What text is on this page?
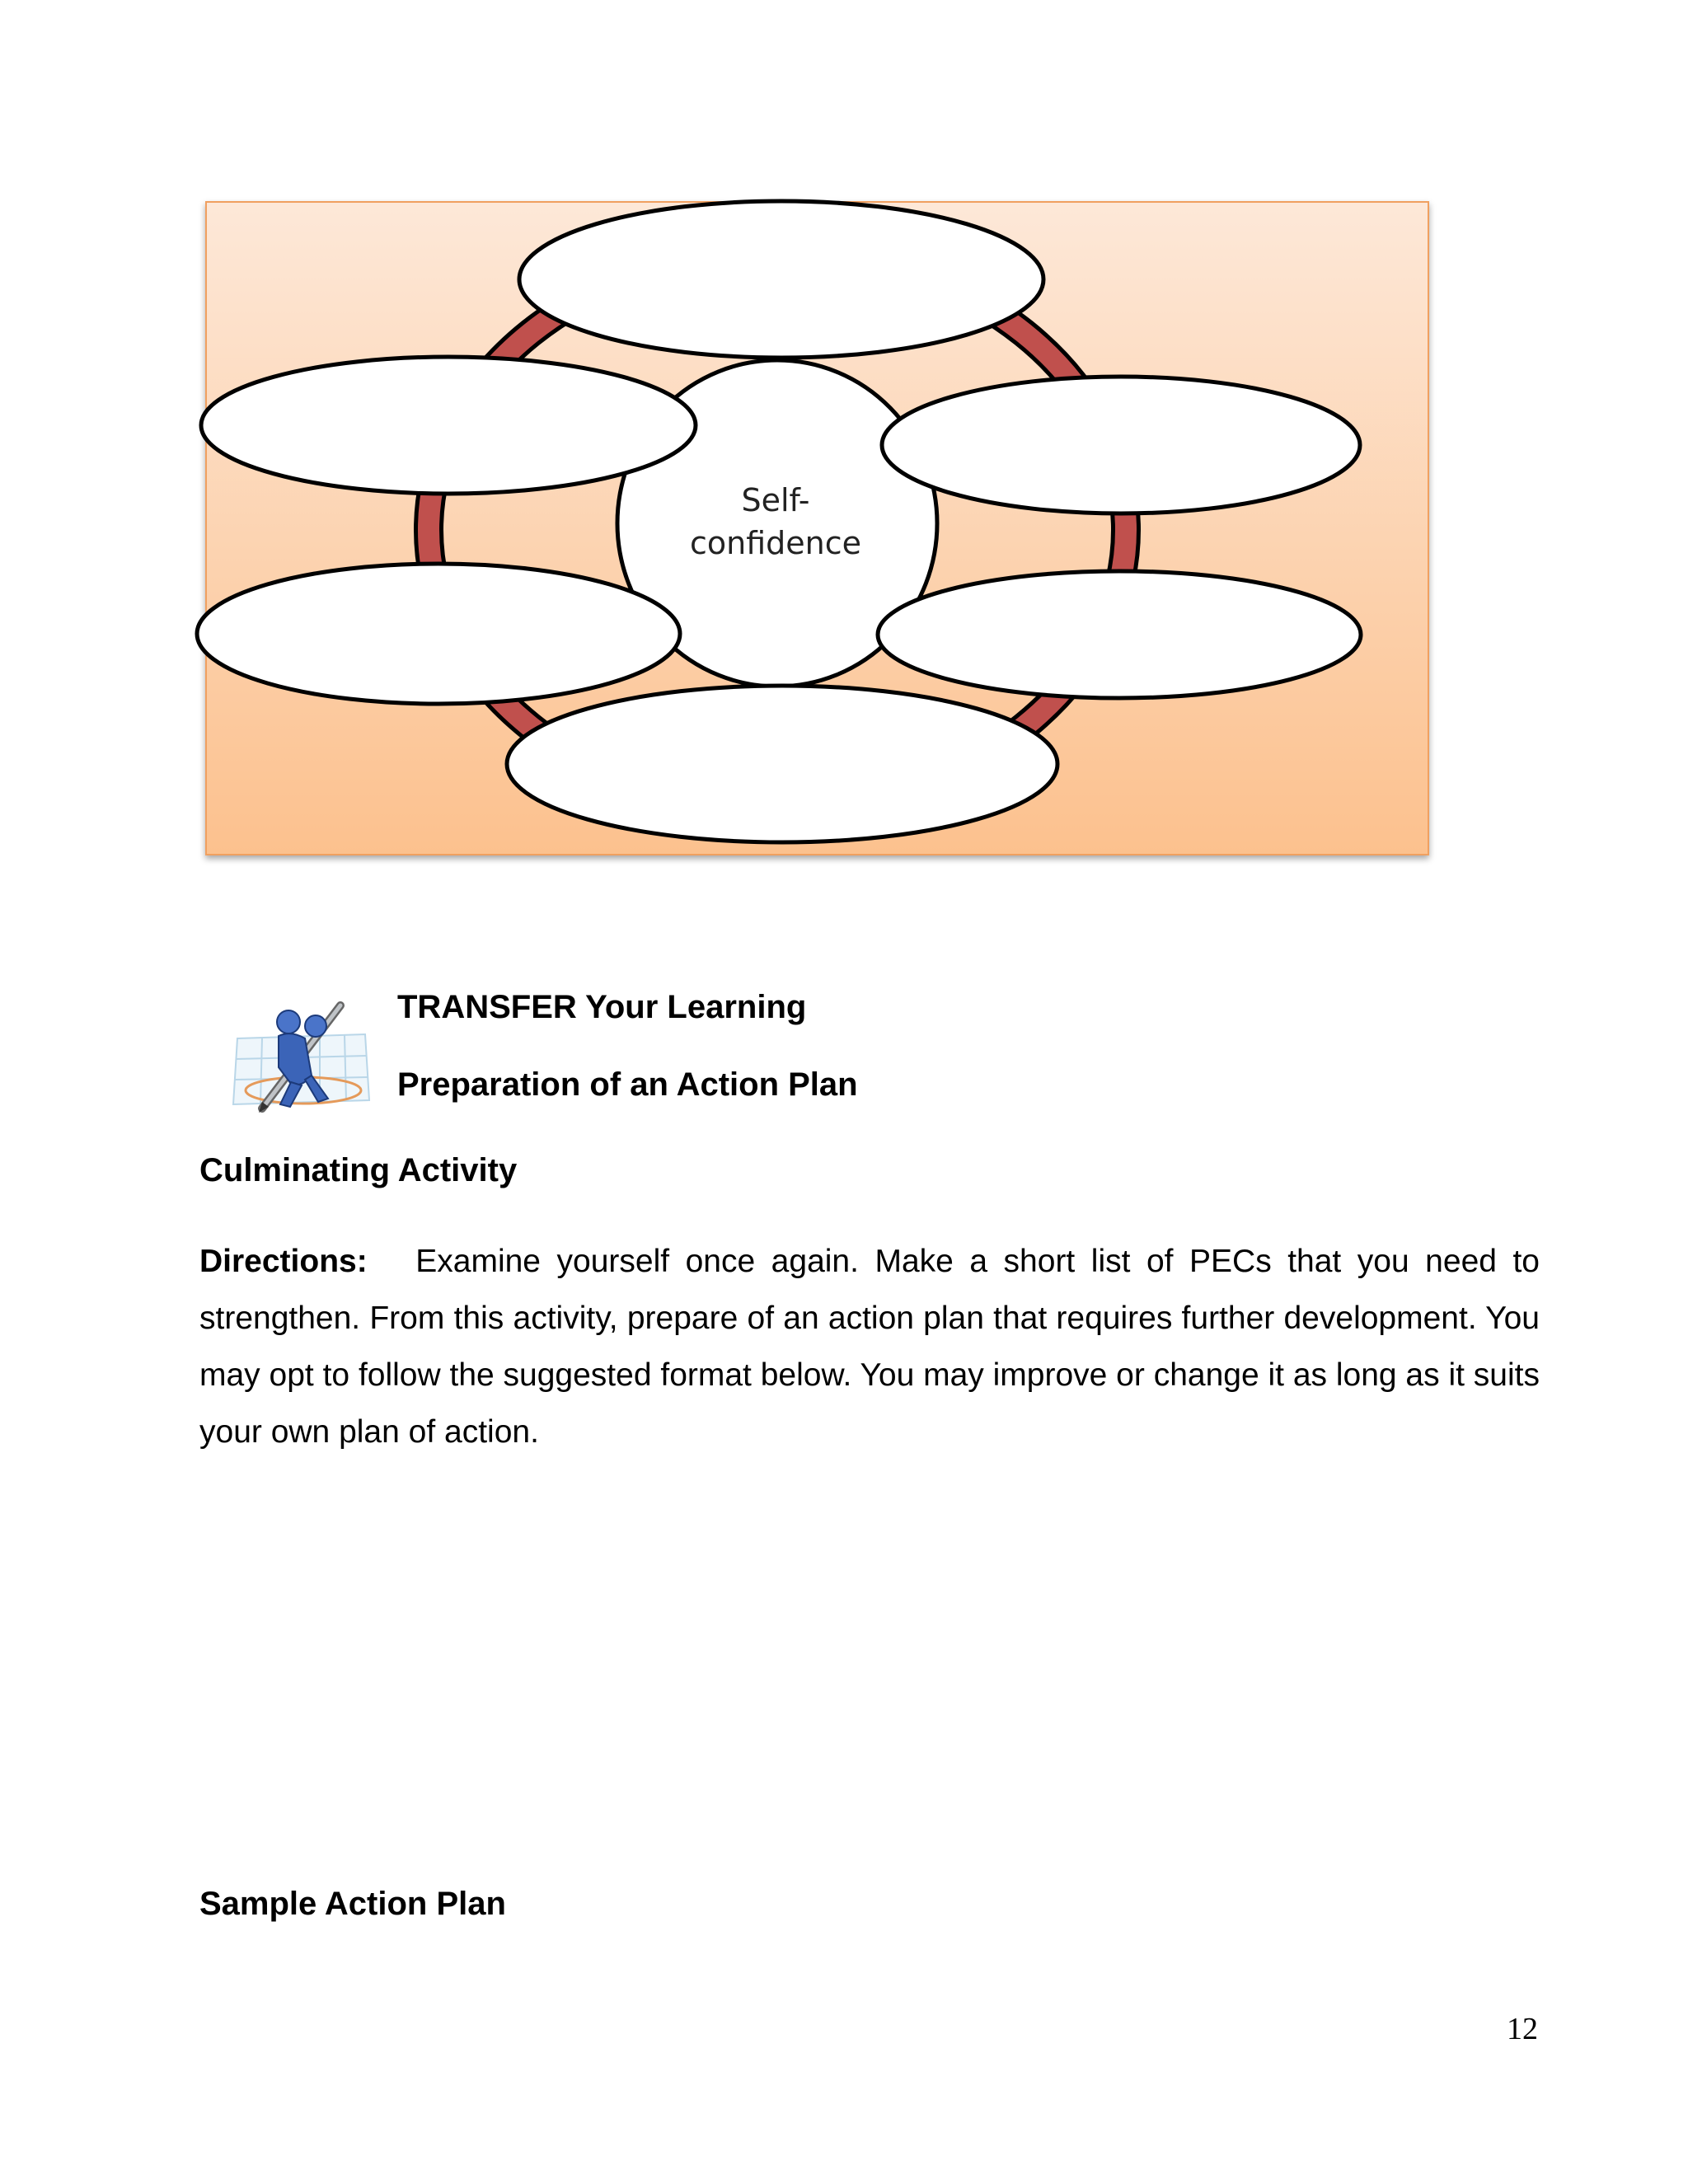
Self-
confidence
TRANSFER Your Learning
Preparation of an Action Plan
Culminating Activity
Directions: Examine yourself once again. Make a short list of PECs that you need to strengthen. From this activity, prepare of an action plan that requires further development. You may opt to follow the suggested format below. You may improve or change it as long as it suits your own plan of action.
Sample Action Plan
12
